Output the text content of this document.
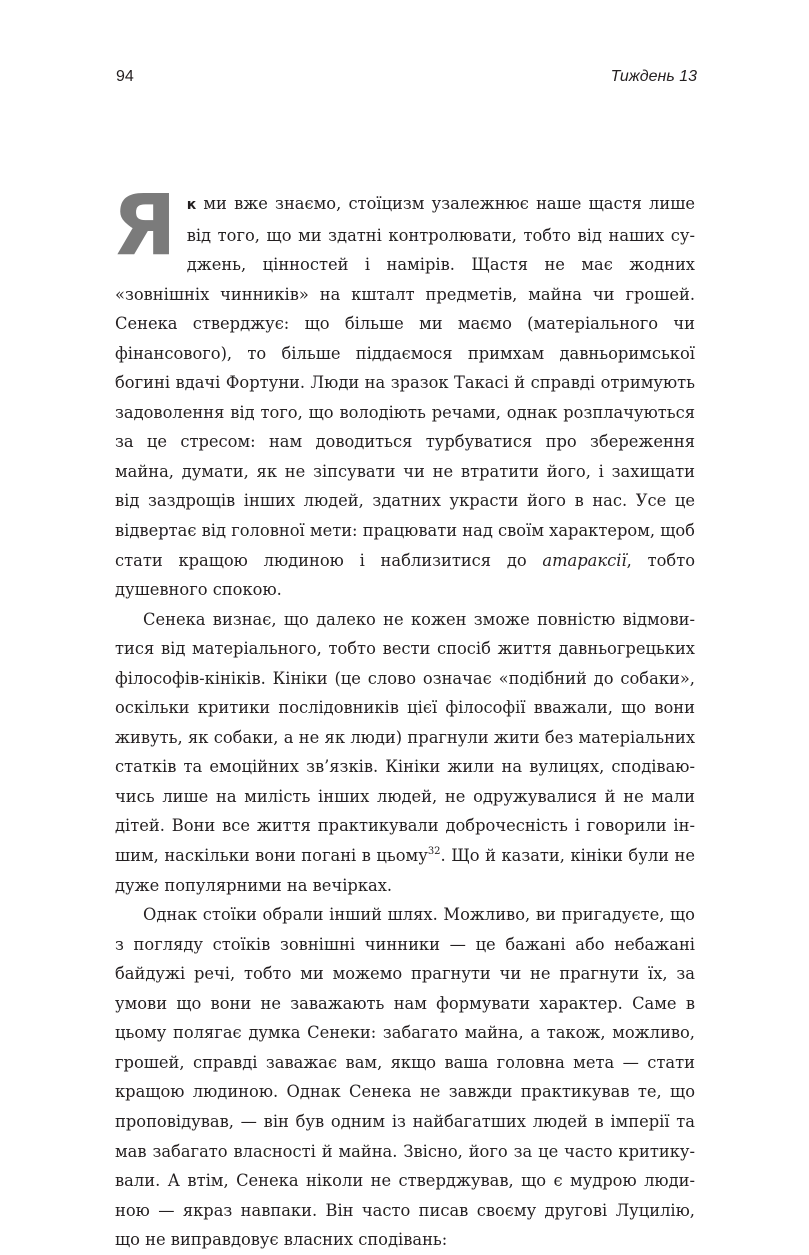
94	Тиждень 13

Як ми вже знаємо, стоїцизм узалежнює наше щастя лише від того, що ми здатні контролювати, тобто від наших суджень, цінностей і намірів. Щастя не має жодних «зовнішніх чинників» на кшталт предметів, майна чи грошей. Сенека стверджує: що більше ми маємо (матеріального чи фінансового), то більше піддаємося примхам давньоримської богині вдачі Фортуни. Люди на зразок Такасі й справді отримують задоволення від того, що володіють речами, однак розплачуються за це стресом: нам доводиться турбуватися про збереження майна, думати, як не зіпсувати чи не втратити його, і захищати від заздрощів інших людей, здатних украсти його в нас. Усе це відвертає від головної мети: працювати над своїм характером, щоб стати кращою людиною і наблизитися до атараксії, тобто душевного спокою.

Сенека визнає, що далеко не кожен зможе повністю відмовитися від матеріального, тобто вести спосіб життя давньогрецьких філософів-кініків. Кініки (це слово означає «подібний до собаки», оскільки критики послідовників цієї філософії вважали, що вони живуть, як собаки, а не як люди) прагнули жити без матеріальних статків та емоційних зв’язків. Кініки жили на вулицях, сподіваючись лише на милість інших людей, не одружувалися й не мали дітей. Вони все життя практикували доброчесність і говорили іншим, наскільки вони погані в цьому$^{32}$. Що й казати, кініки були не дуже популярними на вечірках.

Однак стоїки обрали інший шлях. Можливо, ви пригадуєте, що з погляду стоїків зовнішні чинники — це бажані або небажані байдужі речі, тобто ми можемо прагнути чи не прагнути їх, за умови що вони не заважають нам формувати характер. Саме в цьому полягає думка Сенеки: забагато майна, а також, можливо, грошей, справді заважає вам, якщо ваша головна мета — стати кращою людиною. Однак Сенека не завжди практикував те, що проповідував, — він був одним із найбагатших людей в імперії та мав забагато власності й майна. Звісно, його за це часто критикували. А втім, Сенека ніколи не стверджував, що є мудрою людиною — якраз навпаки. Він часто писав своєму другові Луцилію, що не виправдовує власних сподівань:
